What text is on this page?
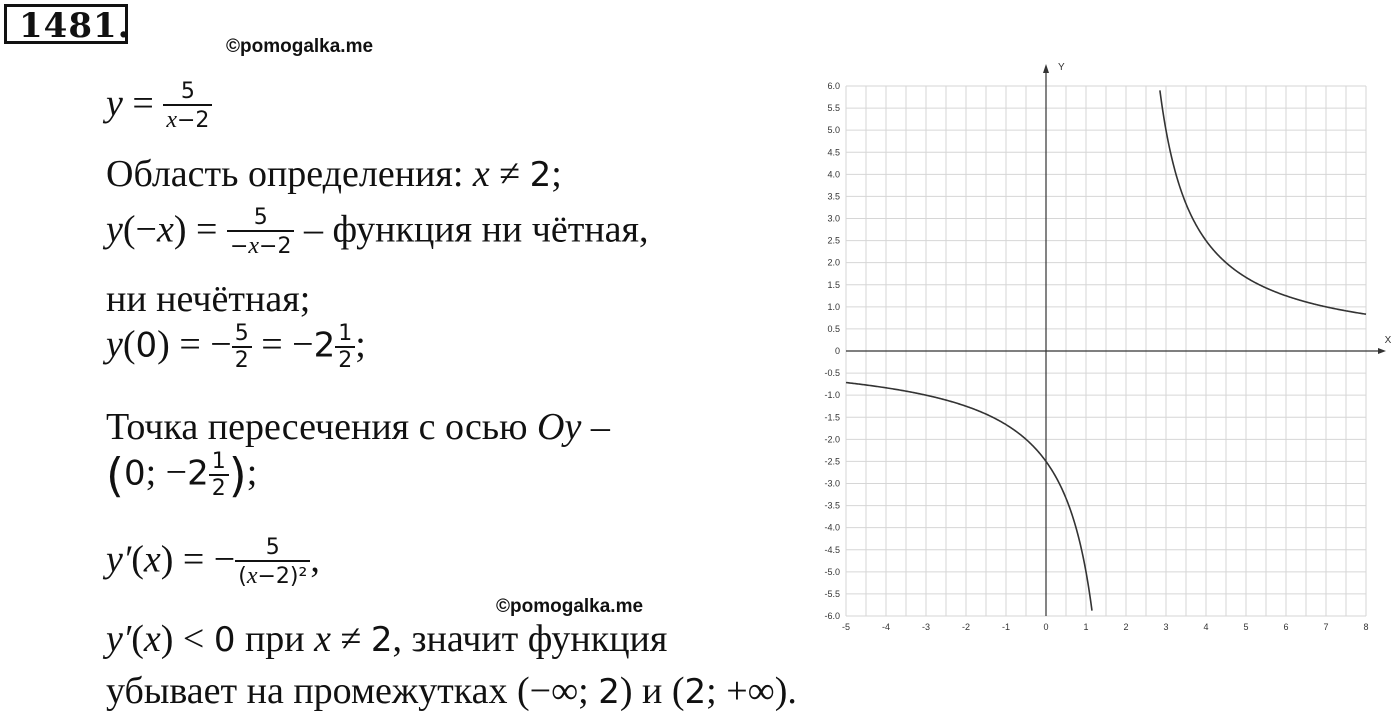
1481.
©pomogalka.me
©pomogalka.me
$y = \frac{5}{x-2}$
Область определения: x ≠ 2;
$y(-x) = \frac{5}{-x-2}$ – функция ни чётная,
ни нечётная;
y(0) = − $\frac{5}{2} = -2 \frac{1}{2}$ ;
Точка пересечения с осью Oy –
(0; $-2 \frac{1}{2}$ );
y′(x) = − $\frac{5}{\text{(x−2)²}}$ ,
y′(x) < 0 при x ≠ 2, значит функция
убывает на промежутках (−∞; 2) и (2; +∞).
X
Y
-5	-4	-3	-2	-1	0	1	2	3	4	5	6	7	8
6.0
5.5
5.0
4.5
4.0
3.5
3.0
2.5
2.0
1.5
1.0
0.5
0
-0.5
-1.0
-1.5
-2.0
-2.5
-3.0
-3.5
-4.0
-4.5
-5.0
-5.5
-6.0
